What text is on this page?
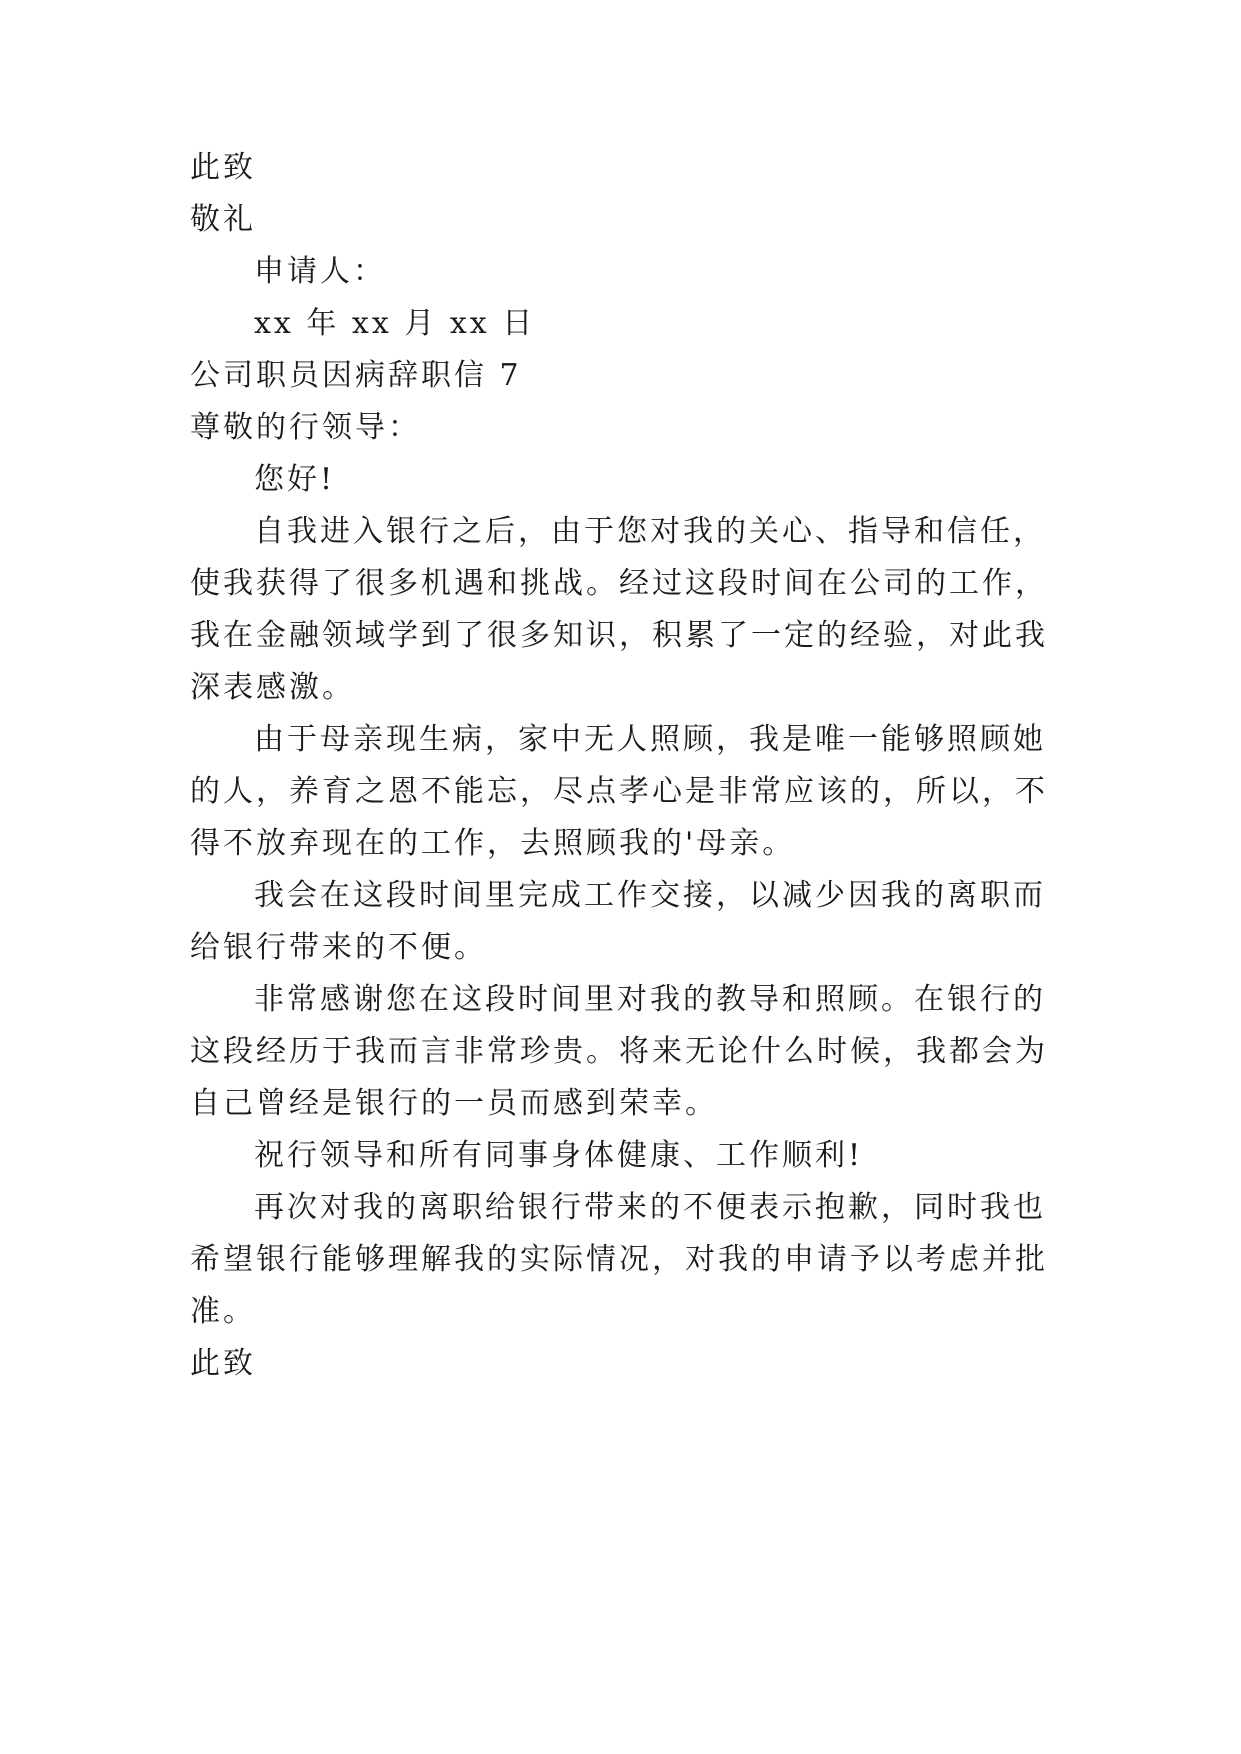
此致
敬礼
申请人：
xx 年 xx 月 xx 日
公司职员因病辞职信 7
尊敬的行领导：
您好!
自我进入银行之后，由于您对我的关心、指导和信任，
使我获得了很多机遇和挑战。经过这段时间在公司的工作，
我在金融领域学到了很多知识，积累了一定的经验，对此我
深表感激。
由于母亲现生病，家中无人照顾，我是唯一能够照顾她
的人，养育之恩不能忘，尽点孝心是非常应该的，所以，不
得不放弃现在的工作，去照顾我的'母亲。
我会在这段时间里完成工作交接，以减少因我的离职而
给银行带来的不便。
非常感谢您在这段时间里对我的教导和照顾。在银行的
这段经历于我而言非常珍贵。将来无论什么时候，我都会为
自己曾经是银行的一员而感到荣幸。
祝行领导和所有同事身体健康、工作顺利!
再次对我的离职给银行带来的不便表示抱歉，同时我也
希望银行能够理解我的实际情况，对我的申请予以考虑并批
准。
此致
